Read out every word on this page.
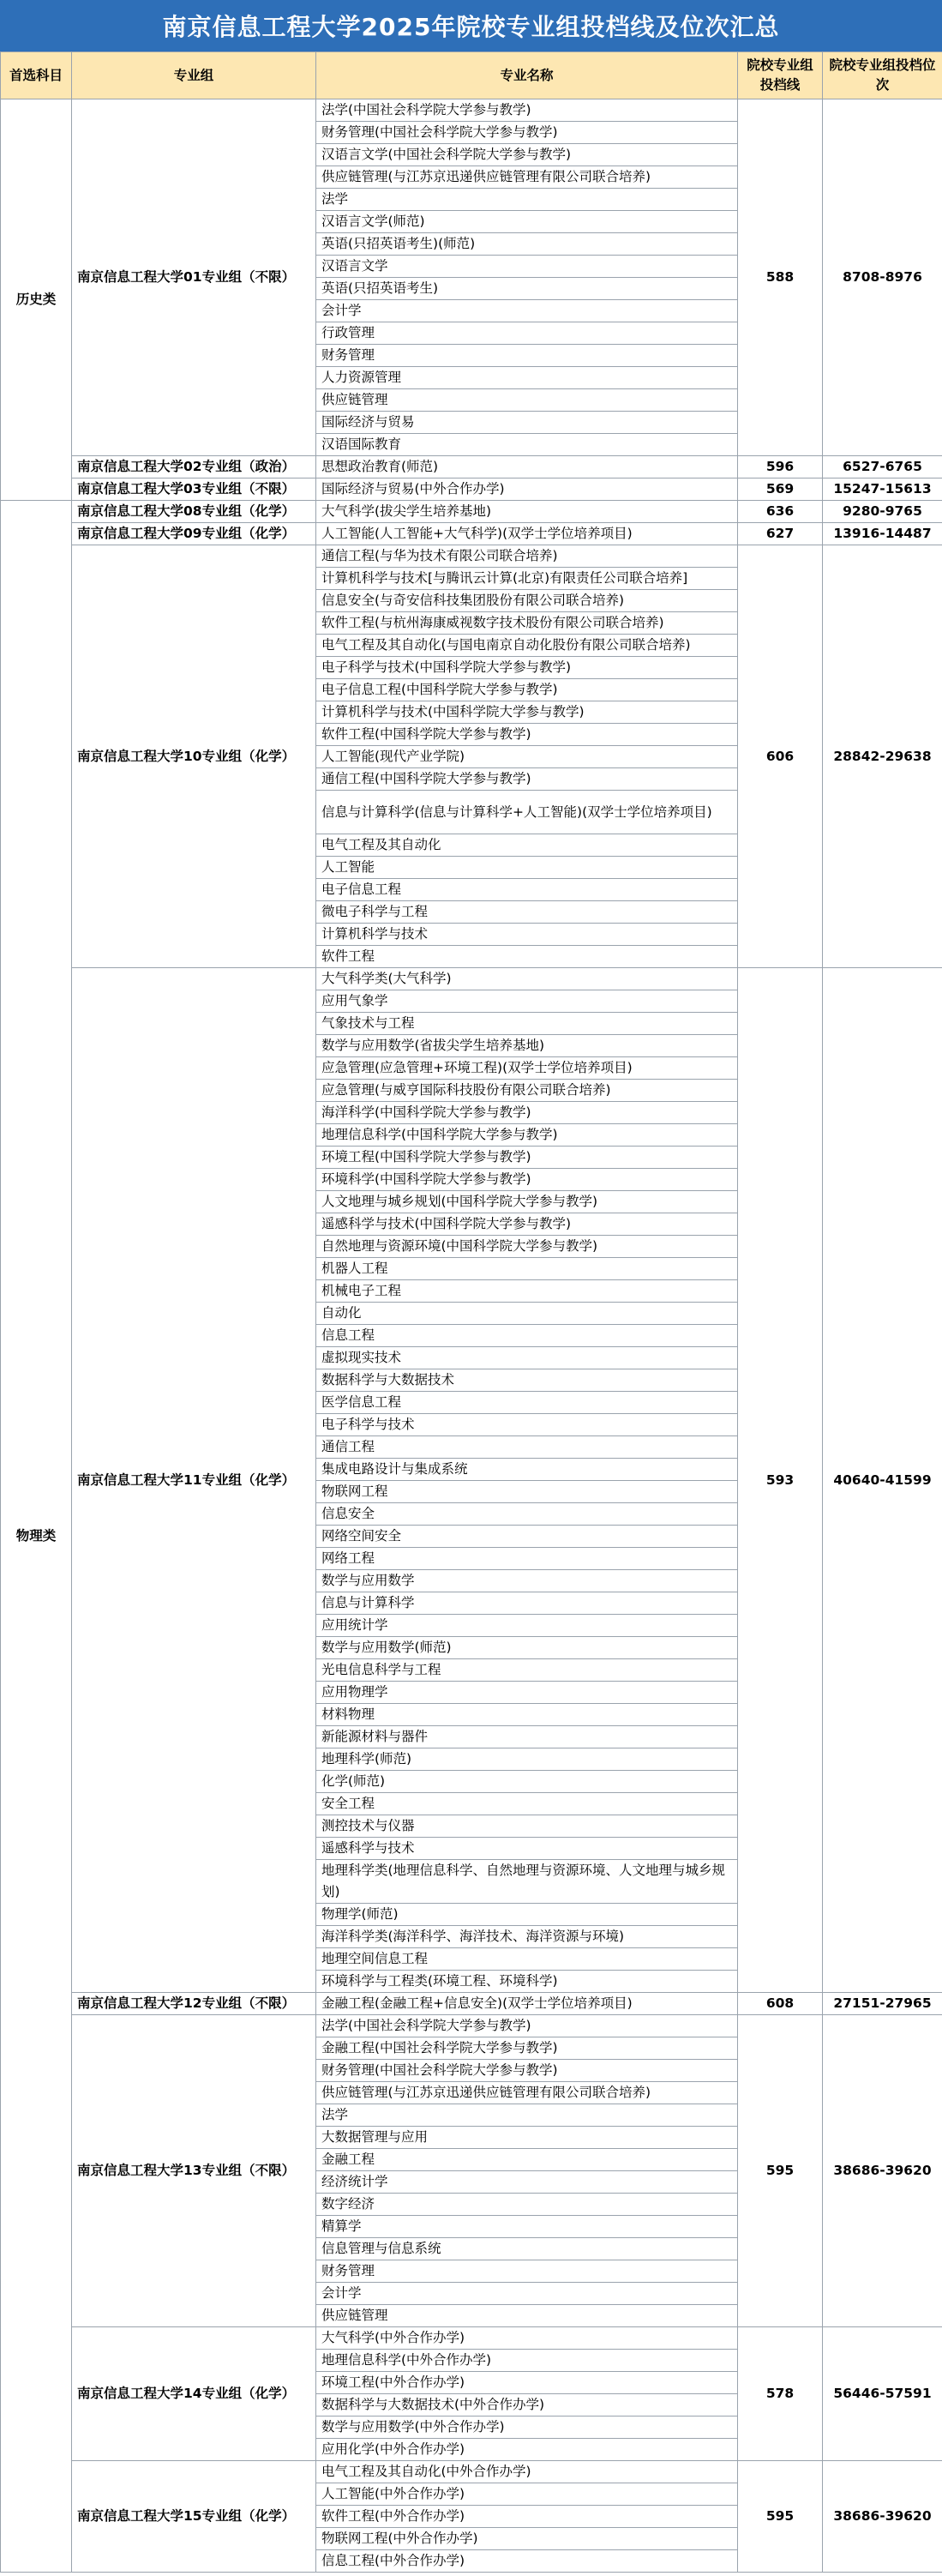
南京信息工程大学2025年院校专业组投档线及位次汇总
首选科目	专业组	专业名称	院校专业组投档线	院校专业组投档位次
历史类	南京信息工程大学01专业组（不限）	法学(中国社会科学院大学参与教学)	588	8708-8976
		财务管理(中国社会科学院大学参与教学)		
		汉语言文学(中国社会科学院大学参与教学)		
		供应链管理(与江苏京迅递供应链管理有限公司联合培养)		
		法学		
		汉语言文学(师范)		
		英语(只招英语考生)(师范)		
		汉语言文学		
		英语(只招英语考生)		
		会计学		
		行政管理		
		财务管理		
		人力资源管理		
		供应链管理		
		国际经济与贸易		
		汉语国际教育		
	南京信息工程大学02专业组（政治）	思想政治教育(师范)	596	6527-6765
	南京信息工程大学03专业组（不限）	国际经济与贸易(中外合作办学)	569	15247-15613
物理类	南京信息工程大学08专业组（化学）	大气科学(拔尖学生培养基地)	636	9280-9765
	南京信息工程大学09专业组（化学）	人工智能(人工智能+大气科学)(双学士学位培养项目)	627	13916-14487
	南京信息工程大学10专业组（化学）	通信工程(与华为技术有限公司联合培养)	606	28842-29638
		计算机科学与技术[与腾讯云计算(北京)有限责任公司联合培养]		
		信息安全(与奇安信科技集团股份有限公司联合培养)		
		软件工程(与杭州海康威视数字技术股份有限公司联合培养)		
		电气工程及其自动化(与国电南京自动化股份有限公司联合培养)		
		电子科学与技术(中国科学院大学参与教学)		
		电子信息工程(中国科学院大学参与教学)		
		计算机科学与技术(中国科学院大学参与教学)		
		软件工程(中国科学院大学参与教学)		
		人工智能(现代产业学院)		
		通信工程(中国科学院大学参与教学)		
		信息与计算科学(信息与计算科学+人工智能)(双学士学位培养项目)		
		电气工程及其自动化		
		人工智能		
		电子信息工程		
		微电子科学与工程		
		计算机科学与技术		
		软件工程		
	南京信息工程大学11专业组（化学）	大气科学类(大气科学)	593	40640-41599
		应用气象学		
		气象技术与工程		
		数学与应用数学(省拔尖学生培养基地)		
		应急管理(应急管理+环境工程)(双学士学位培养项目)		
		应急管理(与威亨国际科技股份有限公司联合培养)		
		海洋科学(中国科学院大学参与教学)		
		地理信息科学(中国科学院大学参与教学)		
		环境工程(中国科学院大学参与教学)		
		环境科学(中国科学院大学参与教学)		
		人文地理与城乡规划(中国科学院大学参与教学)		
		遥感科学与技术(中国科学院大学参与教学)		
		自然地理与资源环境(中国科学院大学参与教学)		
		机器人工程		
		机械电子工程		
		自动化		
		信息工程		
		虚拟现实技术		
		数据科学与大数据技术		
		医学信息工程		
		电子科学与技术		
		通信工程		
		集成电路设计与集成系统		
		物联网工程		
		信息安全		
		网络空间安全		
		网络工程		
		数学与应用数学		
		信息与计算科学		
		应用统计学		
		数学与应用数学(师范)		
		光电信息科学与工程		
		应用物理学		
		材料物理		
		新能源材料与器件		
		地理科学(师范)		
		化学(师范)		
		安全工程		
		测控技术与仪器		
		遥感科学与技术		
		地理科学类(地理信息科学、自然地理与资源环境、人文地理与城乡规划)		
		物理学(师范)		
		海洋科学类(海洋科学、海洋技术、海洋资源与环境)		
		地理空间信息工程		
		环境科学与工程类(环境工程、环境科学)		
	南京信息工程大学12专业组（不限）	金融工程(金融工程+信息安全)(双学士学位培养项目)	608	27151-27965
	南京信息工程大学13专业组（不限）	法学(中国社会科学院大学参与教学)	595	38686-39620
		金融工程(中国社会科学院大学参与教学)		
		财务管理(中国社会科学院大学参与教学)		
		供应链管理(与江苏京迅递供应链管理有限公司联合培养)		
		法学		
		大数据管理与应用		
		金融工程		
		经济统计学		
		数字经济		
		精算学		
		信息管理与信息系统		
		财务管理		
		会计学		
		供应链管理		
	南京信息工程大学14专业组（化学）	大气科学(中外合作办学)	578	56446-57591
		地理信息科学(中外合作办学)		
		环境工程(中外合作办学)		
		数据科学与大数据技术(中外合作办学)		
		数学与应用数学(中外合作办学)		
		应用化学(中外合作办学)		
	南京信息工程大学15专业组（化学）	电气工程及其自动化(中外合作办学)	595	38686-39620
		人工智能(中外合作办学)		
		软件工程(中外合作办学)		
		物联网工程(中外合作办学)		
		信息工程(中外合作办学)		
